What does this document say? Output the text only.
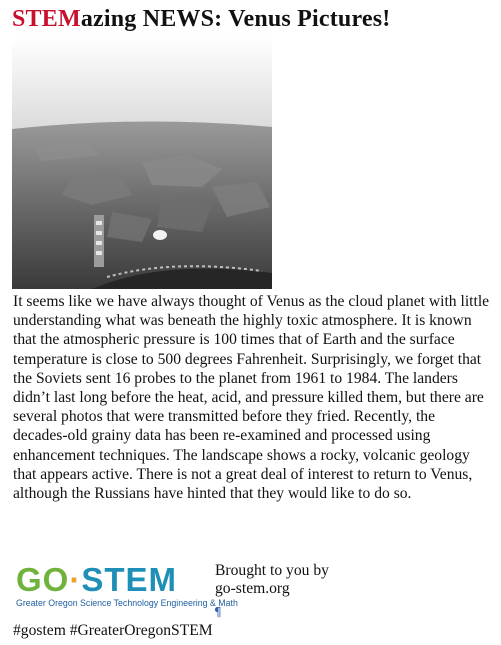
STEMazing NEWS: Venus Pictures!

It seems like we have always thought of Venus as the cloud planet with little understanding what was beneath the highly toxic atmosphere. It is known that the atmospheric pressure is 100 times that of Earth and the surface temperature is close to 500 degrees Fahrenheit. Surprisingly, we forget that the Soviets sent 16 probes to the planet from 1961 to 1984. The landers didn’t last long before the heat, acid, and pressure killed them, but there are several photos that were transmitted before they fried. Recently, the decades-old grainy data has been re-examined and processed using enhancement techniques. The landscape shows a rocky, volcanic geology that appears active. There is not a great deal of interest to return to Venus, although the Russians have hinted that they would like to do so.

GO·STEM
Greater Oregon Science Technology Engineering & Math
Brought to you by
go-stem.org
¶
#gostem #GreaterOregonSTEM
